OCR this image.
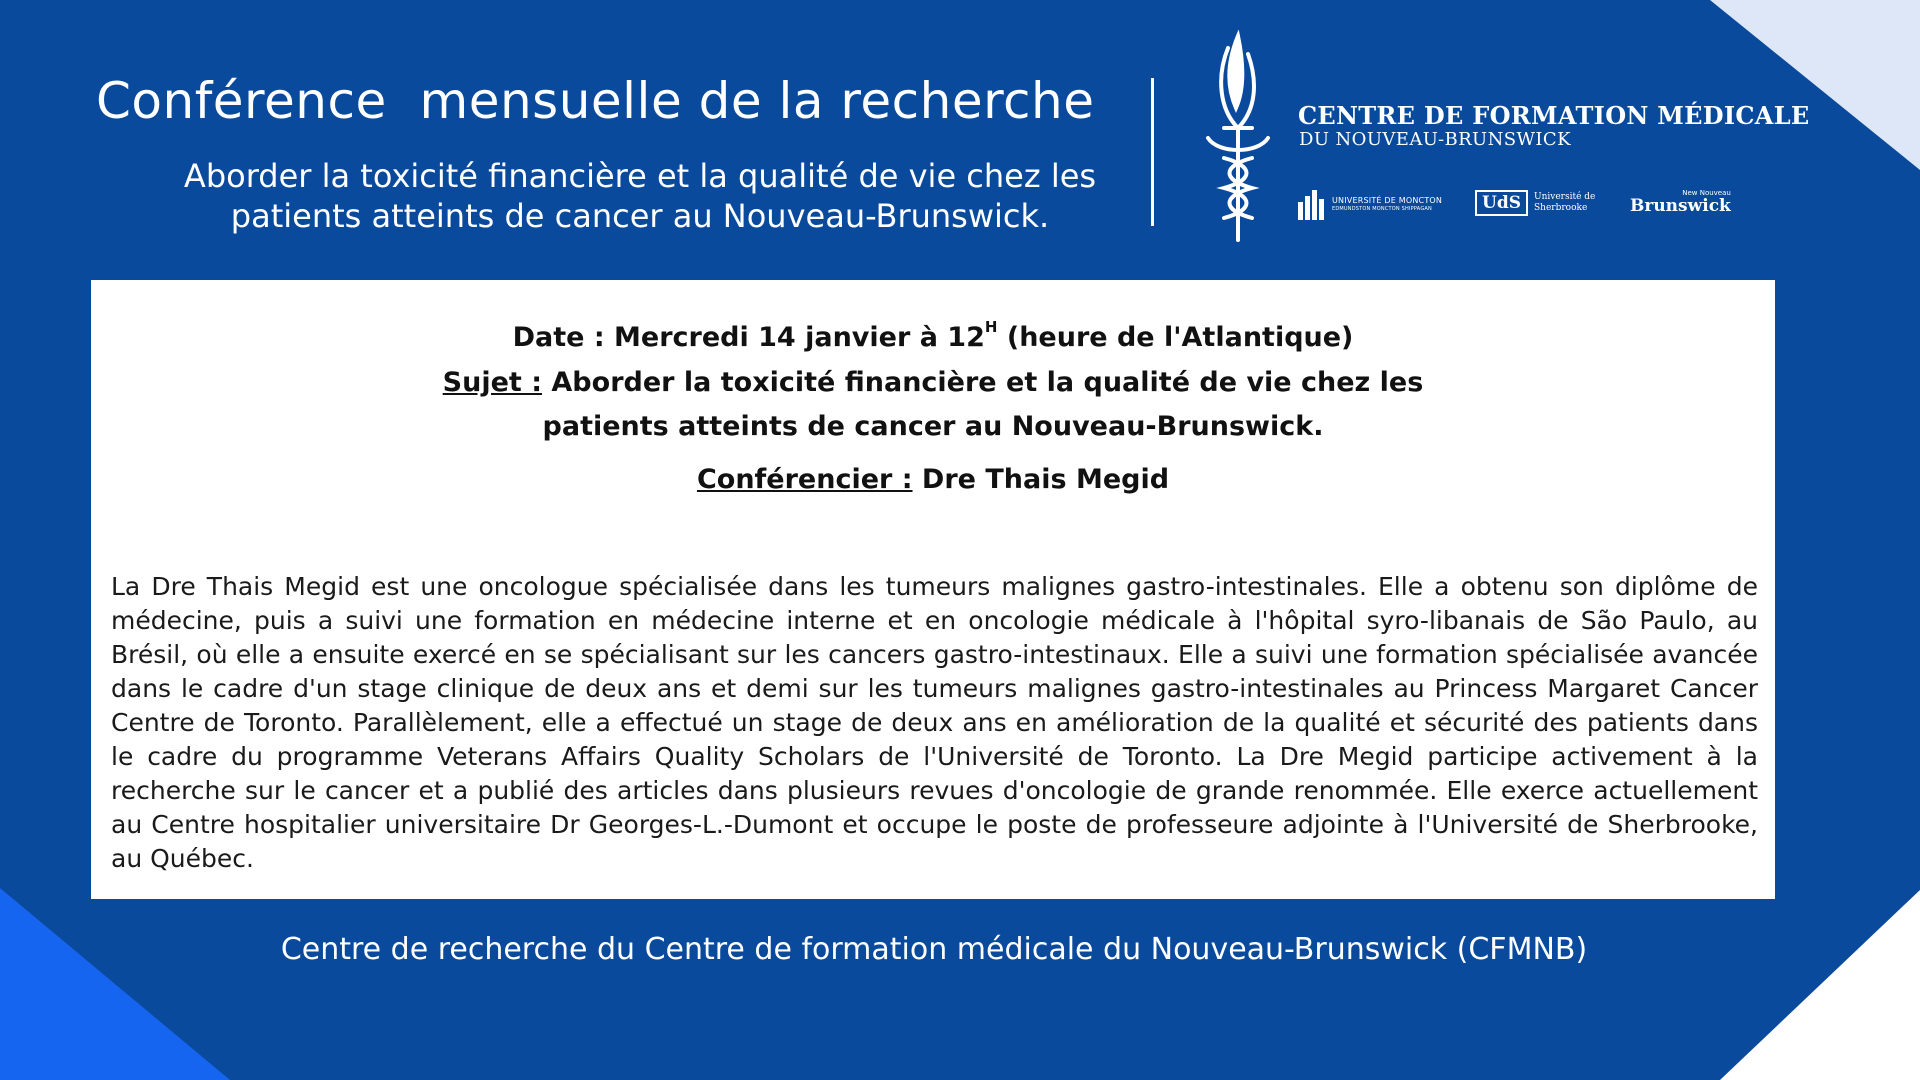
Conférence  mensuelle de la recherche
Aborder la toxicité financière et la qualité de vie chez les patients atteints de cancer au Nouveau-Brunswick.
CENTRE DE FORMATION MÉDICALE
DU NOUVEAU-BRUNSWICK
UNIVERSITÉ DE MONCTON
EDMUNDSTON MONCTON SHIPPAGAN	UdS	Université de
Sherbrooke
New Nouveau
Brunswick
Date : Mercredi 14 janvier à $12^H$ (heure de l'Atlantique)
Sujet : Aborder la toxicité financière et la qualité de vie chez les patients atteints de cancer au Nouveau-Brunswick.
Conférencier : Dre Thais Megid

La Dre Thais Megid est une oncologue spécialisée dans les tumeurs malignes gastro-intestinales. Elle a obtenu son diplôme de médecine, puis a suivi une formation en médecine interne et en oncologie médicale à l'hôpital syro-libanais de São Paulo, au Brésil, où elle a ensuite exercé en se spécialisant sur les cancers gastro-intestinaux. Elle a suivi une formation spécialisée avancée dans le cadre d'un stage clinique de deux ans et demi sur les tumeurs malignes gastro-intestinales au Princess Margaret Cancer Centre de Toronto. Parallèlement, elle a effectué un stage de deux ans en amélioration de la qualité et sécurité des patients dans le cadre du programme Veterans Affairs Quality Scholars de l'Université de Toronto. La Dre Megid participe activement à la recherche sur le cancer et a publié des articles dans plusieurs revues d'oncologie de grande renommée. Elle exerce actuellement au Centre hospitalier universitaire Dr Georges-L.-Dumont et occupe le poste de professeure adjointe à l'Université de Sherbrooke, au Québec.

Centre de recherche du Centre de formation médicale du Nouveau-Brunswick (CFMNB)
